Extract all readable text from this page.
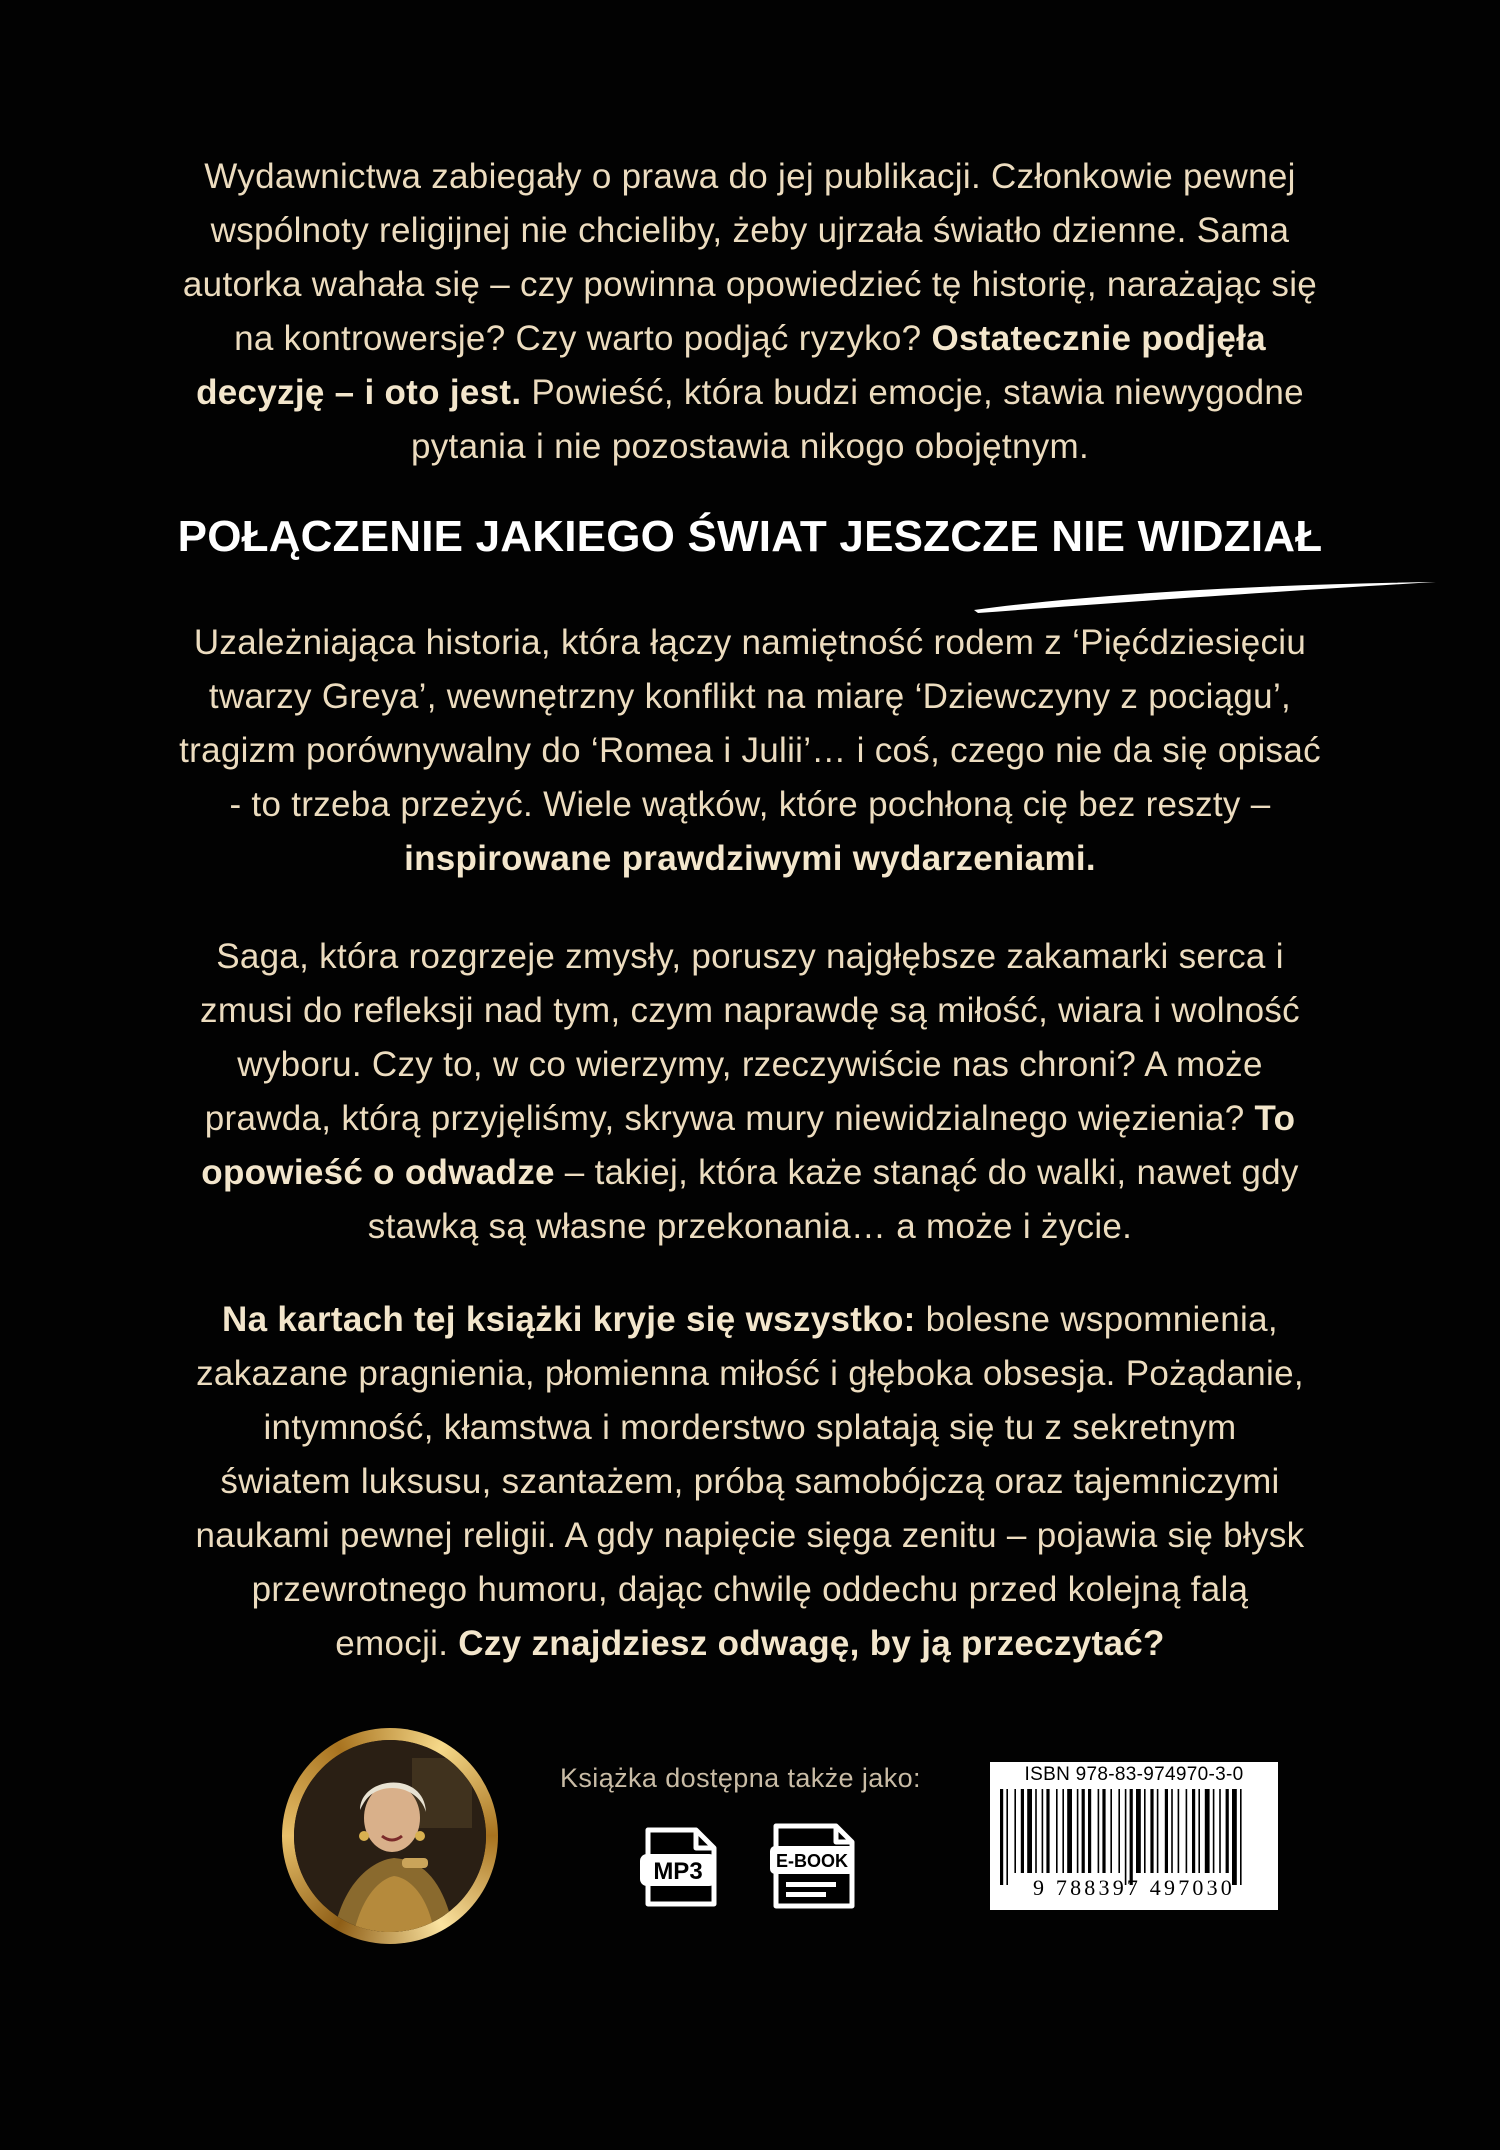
Wydawnictwa zabiegały o prawa do jej publikacji. Członkowie pewnej
wspólnoty religijnej nie chcieliby, żeby ujrzała światło dzienne. Sama
autorka wahała się – czy powinna opowiedzieć tę historię, narażając się
na kontrowersje? Czy warto podjąć ryzyko? Ostatecznie podjęła
decyzję – i oto jest. Powieść, która budzi emocje, stawia niewygodne
pytania i nie pozostawia nikogo obojętnym.

POŁĄCZENIE JAKIEGO ŚWIAT JESZCZE NIE WIDZIAŁ

Uzależniająca historia, która łączy namiętność rodem z ‘Pięćdziesięciu
twarzy Greya’, wewnętrzny konflikt na miarę ‘Dziewczyny z pociągu’,
tragizm porównywalny do ‘Romea i Julii’… i coś, czego nie da się opisać
- to trzeba przeżyć. Wiele wątków, które pochłoną cię bez reszty –
inspirowane prawdziwymi wydarzeniami.

Saga, która rozgrzeje zmysły, poruszy najgłębsze zakamarki serca i
zmusi do refleksji nad tym, czym naprawdę są miłość, wiara i wolność
wyboru. Czy to, w co wierzymy, rzeczywiście nas chroni? A może
prawda, którą przyjęliśmy, skrywa mury niewidzialnego więzienia? To
opowieść o odwadze – takiej, która każe stanąć do walki, nawet gdy
stawką są własne przekonania… a może i życie.

Na kartach tej książki kryje się wszystko: bolesne wspomnienia,
zakazane pragnienia, płomienna miłość i głęboka obsesja. Pożądanie,
intymność, kłamstwa i morderstwo splatają się tu z sekretnym
światem luksusu, szantażem, próbą samobójczą oraz tajemniczymi
naukami pewnej religii. A gdy napięcie sięga zenitu – pojawia się błysk
przewrotnego humoru, dając chwilę oddechu przed kolejną falą
emocji. Czy znajdziesz odwagę, by ją przeczytać?

Książka dostępna także jako:
MP3	E-BOOK
ISBN 978-83-974970-3-0
9 788397 497030
